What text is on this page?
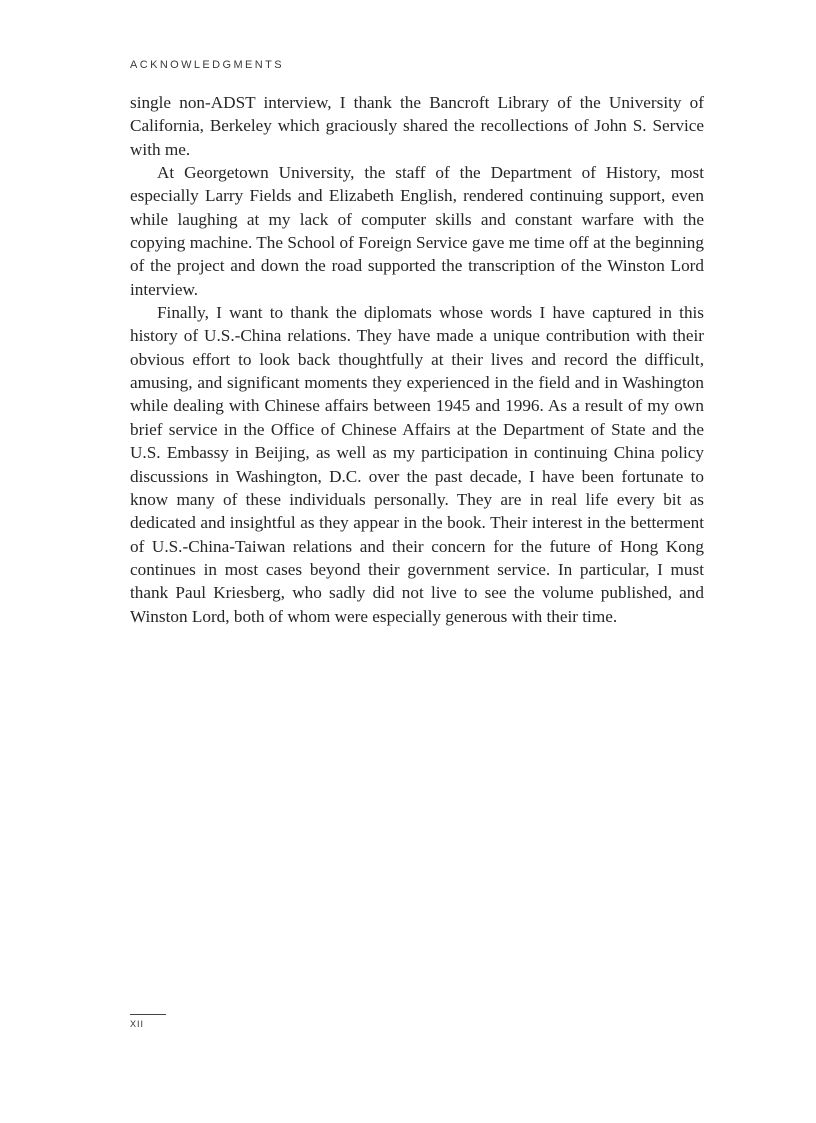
ACKNOWLEDGMENTS

single non-ADST interview, I thank the Bancroft Library of the University of California, Berkeley which graciously shared the recollections of John S. Service with me.

At Georgetown University, the staff of the Department of History, most especially Larry Fields and Elizabeth English, rendered continuing support, even while laughing at my lack of computer skills and constant warfare with the copying machine. The School of Foreign Service gave me time off at the beginning of the project and down the road supported the transcription of the Winston Lord interview.

Finally, I want to thank the diplomats whose words I have captured in this history of U.S.-China relations. They have made a unique contribution with their obvious effort to look back thoughtfully at their lives and record the difficult, amusing, and significant moments they experienced in the field and in Washington while dealing with Chinese affairs between 1945 and 1996. As a result of my own brief service in the Office of Chinese Affairs at the Department of State and the U.S. Embassy in Beijing, as well as my participation in continuing China policy discussions in Washington, D.C. over the past decade, I have been fortunate to know many of these individuals personally. They are in real life every bit as dedicated and insightful as they appear in the book. Their interest in the betterment of U.S.-China-Taiwan relations and their concern for the future of Hong Kong continues in most cases beyond their government service. In particular, I must thank Paul Kriesberg, who sadly did not live to see the volume published, and Winston Lord, both of whom were especially generous with their time.

XII
